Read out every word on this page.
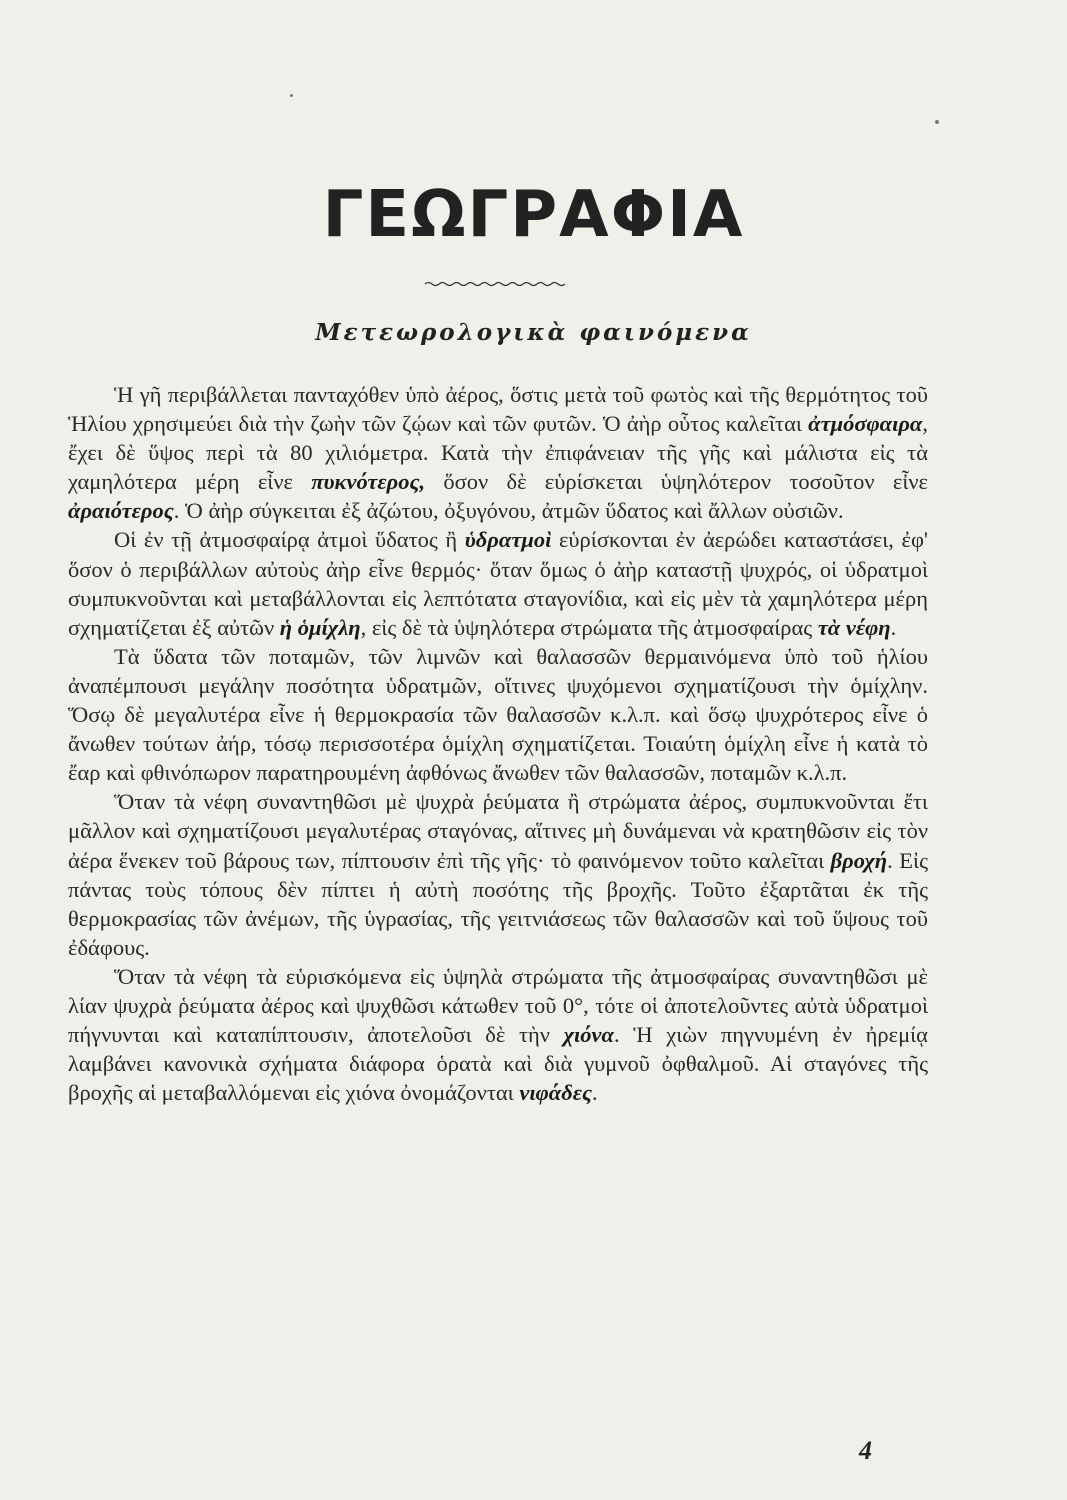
ΓΕΩΓΡΑΦΙΑ
Μετεωρολογικὰ φαινόμενα

Ἡ γῆ περιβάλλεται πανταχόθεν ὑπὸ ἀέρος, ὅστις μετὰ τοῦ φωτὸς καὶ τῆς θερμότητος τοῦ Ἡλίου χρησιμεύει διὰ τὴν ζωὴν τῶν ζῴων καὶ τῶν φυτῶν. Ὁ ἀὴρ οὗτος καλεῖται ἀτμόσφαιρα, ἔχει δὲ ὕψος περὶ τὰ 80 χιλιόμετρα. Κατὰ τὴν ἐπιφάνειαν τῆς γῆς καὶ μάλιστα εἰς τὰ χαμηλότερα μέρη εἶνε πυκνότερος, ὅσον δὲ εὑρίσκεται ὑψηλότερον τοσοῦτον εἶνε ἀραιότερος. Ὁ ἀὴρ σύγκειται ἐξ ἀζώτου, ὀξυγόνου, ἀτμῶν ὕδατος καὶ ἄλλων οὐσιῶν.

Οἱ ἐν τῇ ἀτμοσφαίρᾳ ἀτμοὶ ὕδατος ἢ ὑδρατμοὶ εὑρίσκονται ἐν ἀερώδει καταστάσει, ἐφ' ὅσον ὁ περιβάλλων αὐτοὺς ἀὴρ εἶνε θερμός· ὅταν ὅμως ὁ ἀὴρ καταστῇ ψυχρός, οἱ ὑδρατμοὶ συμπυκνοῦνται καὶ μεταβάλλονται εἰς λεπτότατα σταγονίδια, καὶ εἰς μὲν τὰ χαμηλότερα μέρη σχηματίζεται ἐξ αὐτῶν ἡ ὁμίχλη, εἰς δὲ τὰ ὑψηλότερα στρώματα τῆς ἀτμοσφαίρας τὰ νέφη.

Τὰ ὕδατα τῶν ποταμῶν, τῶν λιμνῶν καὶ θαλασσῶν θερμαινόμενα ὑπὸ τοῦ ἡλίου ἀναπέμπουσι μεγάλην ποσότητα ὑδρατμῶν, οἵτινες ψυχόμενοι σχηματίζουσι τὴν ὁμίχλην. Ὅσῳ δὲ μεγαλυτέρα εἶνε ἡ θερμοκρασία τῶν θαλασσῶν κ.λ.π. καὶ ὅσῳ ψυχρότερος εἶνε ὁ ἄνωθεν τούτων ἀήρ, τόσῳ περισσοτέρα ὁμίχλη σχηματίζεται. Τοιαύτη ὁμίχλη εἶνε ἡ κατὰ τὸ ἔαρ καὶ φθινόπωρον παρατηρουμένη ἀφθόνως ἄνωθεν τῶν θαλασσῶν, ποταμῶν κ.λ.π.

Ὅταν τὰ νέφη συναντηθῶσι μὲ ψυχρὰ ῥεύματα ἢ στρώματα ἀέρος, συμπυκνοῦνται ἔτι μᾶλλον καὶ σχηματίζουσι μεγαλυτέρας σταγόνας, αἵτινες μὴ δυνάμεναι νὰ κρατηθῶσιν εἰς τὸν ἀέρα ἕνεκεν τοῦ βάρους των, πίπτουσιν ἐπὶ τῆς γῆς· τὸ φαινόμενον τοῦτο καλεῖται βροχή. Εἰς πάντας τοὺς τόπους δὲν πίπτει ἡ αὐτὴ ποσότης τῆς βροχῆς. Τοῦτο ἐξαρτᾶται ἐκ τῆς θερμοκρασίας τῶν ἀνέμων, τῆς ὑγρασίας, τῆς γειτνιάσεως τῶν θαλασσῶν καὶ τοῦ ὕψους τοῦ ἐδάφους.

Ὅταν τὰ νέφη τὰ εὑρισκόμενα εἰς ὑψηλὰ στρώματα τῆς ἀτμοσφαίρας συναντηθῶσι μὲ λίαν ψυχρὰ ῥεύματα ἀέρος καὶ ψυχθῶσι κάτωθεν τοῦ 0°, τότε οἱ ἀποτελοῦντες αὐτὰ ὑδρατμοὶ πήγνυνται καὶ καταπίπτουσιν, ἀποτελοῦσι δὲ τὴν χιόνα. Ἡ χιὼν πηγνυμένη ἐν ἠρεμίᾳ λαμβάνει κανονικὰ σχήματα διάφορα ὁρατὰ καὶ διὰ γυμνοῦ ὀφθαλμοῦ. Αἱ σταγόνες τῆς βροχῆς αἱ μεταβαλλόμεναι εἰς χιόνα ὀνομάζονται νιφάδες.

4
